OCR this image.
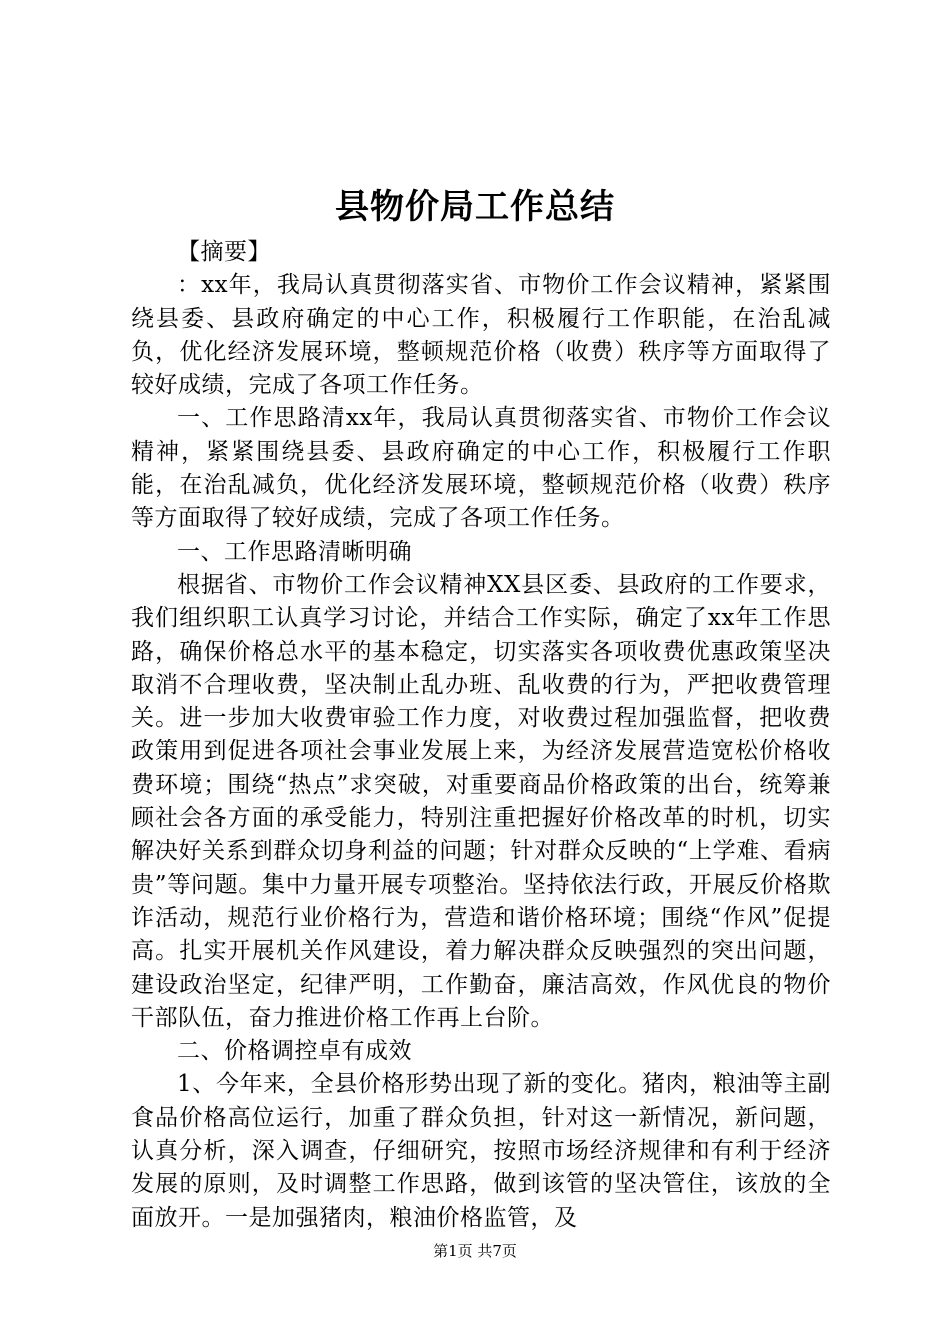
县物价局工作总结

【摘要】

：xx年，我局认真贯彻落实省、市物价工作会议精神，紧紧围绕县委、县政府确定的中心工作，积极履行工作职能，在治乱减负，优化经济发展环境，整顿规范价格（收费）秩序等方面取得了较好成绩，完成了各项工作任务。

一、工作思路清xx年，我局认真贯彻落实省、市物价工作会议精神，紧紧围绕县委、县政府确定的中心工作，积极履行工作职能，在治乱减负，优化经济发展环境，整顿规范价格（收费）秩序等方面取得了较好成绩，完成了各项工作任务。

一、工作思路清晰明确

根据省、市物价工作会议精神XX县区委、县政府的工作要求，我们组织职工认真学习讨论，并结合工作实际，确定了xx年工作思路，确保价格总水平的基本稳定，切实落实各项收费优惠政策坚决取消不合理收费，坚决制止乱办班、乱收费的行为，严把收费管理关。进一步加大收费审验工作力度，对收费过程加强监督，把收费政策用到促进各项社会事业发展上来，为经济发展营造宽松价格收费环境；围绕“热点”求突破，对重要商品价格政策的出台，统筹兼顾社会各方面的承受能力，特别注重把握好价格改革的时机，切实解决好关系到群众切身利益的问题；针对群众反映的“上学难、看病贵”等问题。集中力量开展专项整治。坚持依法行政，开展反价格欺诈活动，规范行业价格行为，营造和谐价格环境；围绕“作风”促提高。扎实开展机关作风建设，着力解决群众反映强烈的突出问题，建设政治坚定，纪律严明，工作勤奋，廉洁高效，作风优良的物价干部队伍，奋力推进价格工作再上台阶。

二、价格调控卓有成效

1、今年来，全县价格形势出现了新的变化。猪肉，粮油等主副食品价格高位运行，加重了群众负担，针对这一新情况，新问题，认真分析，深入调查，仔细研究，按照市场经济规律和有利于经济发展的原则，及时调整工作思路，做到该管的坚决管住，该放的全面放开。一是加强猪肉，粮油价格监管，及

第1页 共7页
